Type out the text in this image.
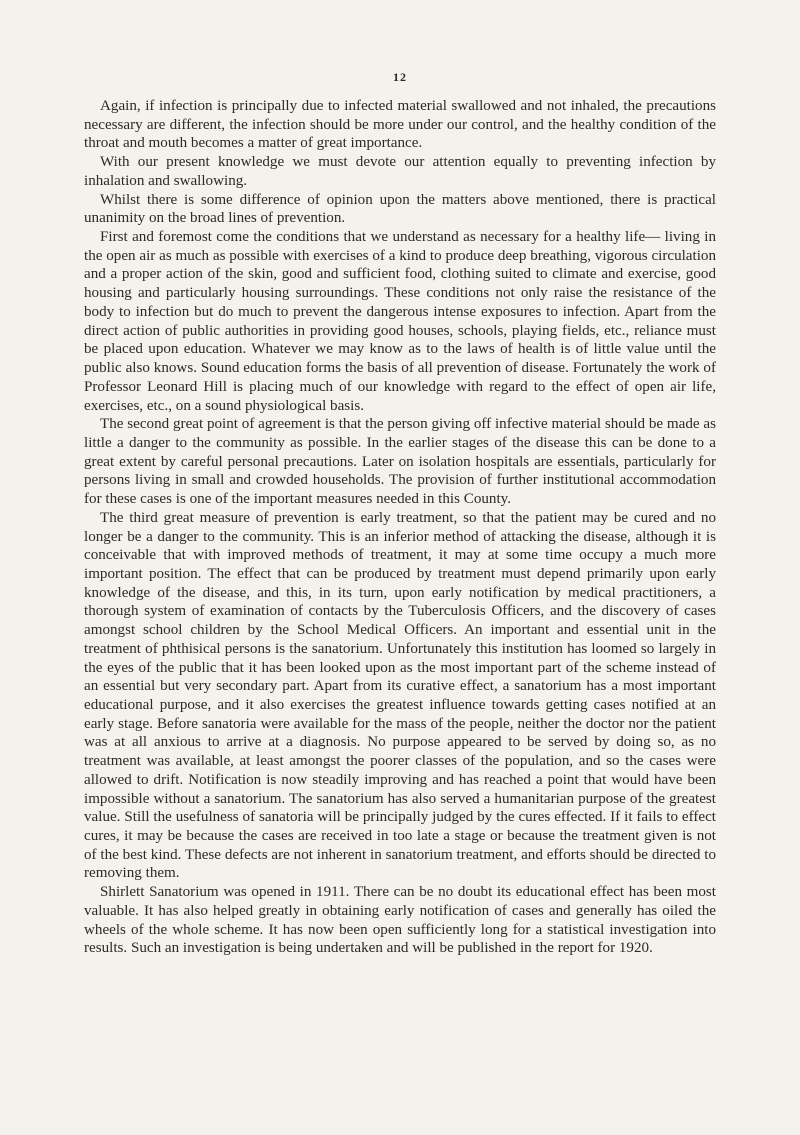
12

Again, if infection is principally due to infected material swallowed and not inhaled, the precautions necessary are different, the infection should be more under our control, and the healthy condition of the throat and mouth becomes a matter of great importance.

With our present knowledge we must devote our attention equally to preventing infection by inhalation and swallowing.

Whilst there is some difference of opinion upon the matters above mentioned, there is practical unanimity on the broad lines of prevention.

First and foremost come the conditions that we understand as necessary for a healthy life— living in the open air as much as possible with exercises of a kind to produce deep breathing, vigorous circulation and a proper action of the skin, good and sufficient food, clothing suited to climate and exercise, good housing and particularly housing surroundings. These conditions not only raise the resistance of the body to infection but do much to prevent the dangerous intense exposures to infection. Apart from the direct action of public authorities in providing good houses, schools, playing fields, etc., reliance must be placed upon education. Whatever we may know as to the laws of health is of little value until the public also knows. Sound education forms the basis of all prevention of disease. Fortunately the work of Professor Leonard Hill is placing much of our knowledge with regard to the effect of open air life, exercises, etc., on a sound physiological basis.

The second great point of agreement is that the person giving off infective material should be made as little a danger to the community as possible. In the earlier stages of the disease this can be done to a great extent by careful personal precautions. Later on isolation hospitals are essentials, particularly for persons living in small and crowded households. The provision of further institutional accommodation for these cases is one of the important measures needed in this County.

The third great measure of prevention is early treatment, so that the patient may be cured and no longer be a danger to the community. This is an inferior method of attacking the disease, although it is conceivable that with improved methods of treatment, it may at some time occupy a much more important position. The effect that can be produced by treatment must depend primarily upon early knowledge of the disease, and this, in its turn, upon early notification by medical practitioners, a thorough system of examination of contacts by the Tuberculosis Officers, and the discovery of cases amongst school children by the School Medical Officers. An important and essential unit in the treatment of phthisical persons is the sanatorium. Unfortunately this institution has loomed so largely in the eyes of the public that it has been looked upon as the most important part of the scheme instead of an essential but very secondary part. Apart from its curative effect, a sanatorium has a most important educational purpose, and it also exercises the greatest influence towards getting cases notified at an early stage. Before sanatoria were available for the mass of the people, neither the doctor nor the patient was at all anxious to arrive at a diagnosis. No purpose appeared to be served by doing so, as no treatment was available, at least amongst the poorer classes of the population, and so the cases were allowed to drift. Notification is now steadily improving and has reached a point that would have been impossible without a sanatorium. The sanatorium has also served a humanitarian purpose of the greatest value. Still the usefulness of sanatoria will be principally judged by the cures effected. If it fails to effect cures, it may be because the cases are received in too late a stage or because the treatment given is not of the best kind. These defects are not inherent in sanatorium treatment, and efforts should be directed to removing them.

Shirlett Sanatorium was opened in 1911. There can be no doubt its educational effect has been most valuable. It has also helped greatly in obtaining early notification of cases and generally has oiled the wheels of the whole scheme. It has now been open sufficiently long for a statistical investigation into results. Such an investigation is being undertaken and will be published in the report for 1920.
